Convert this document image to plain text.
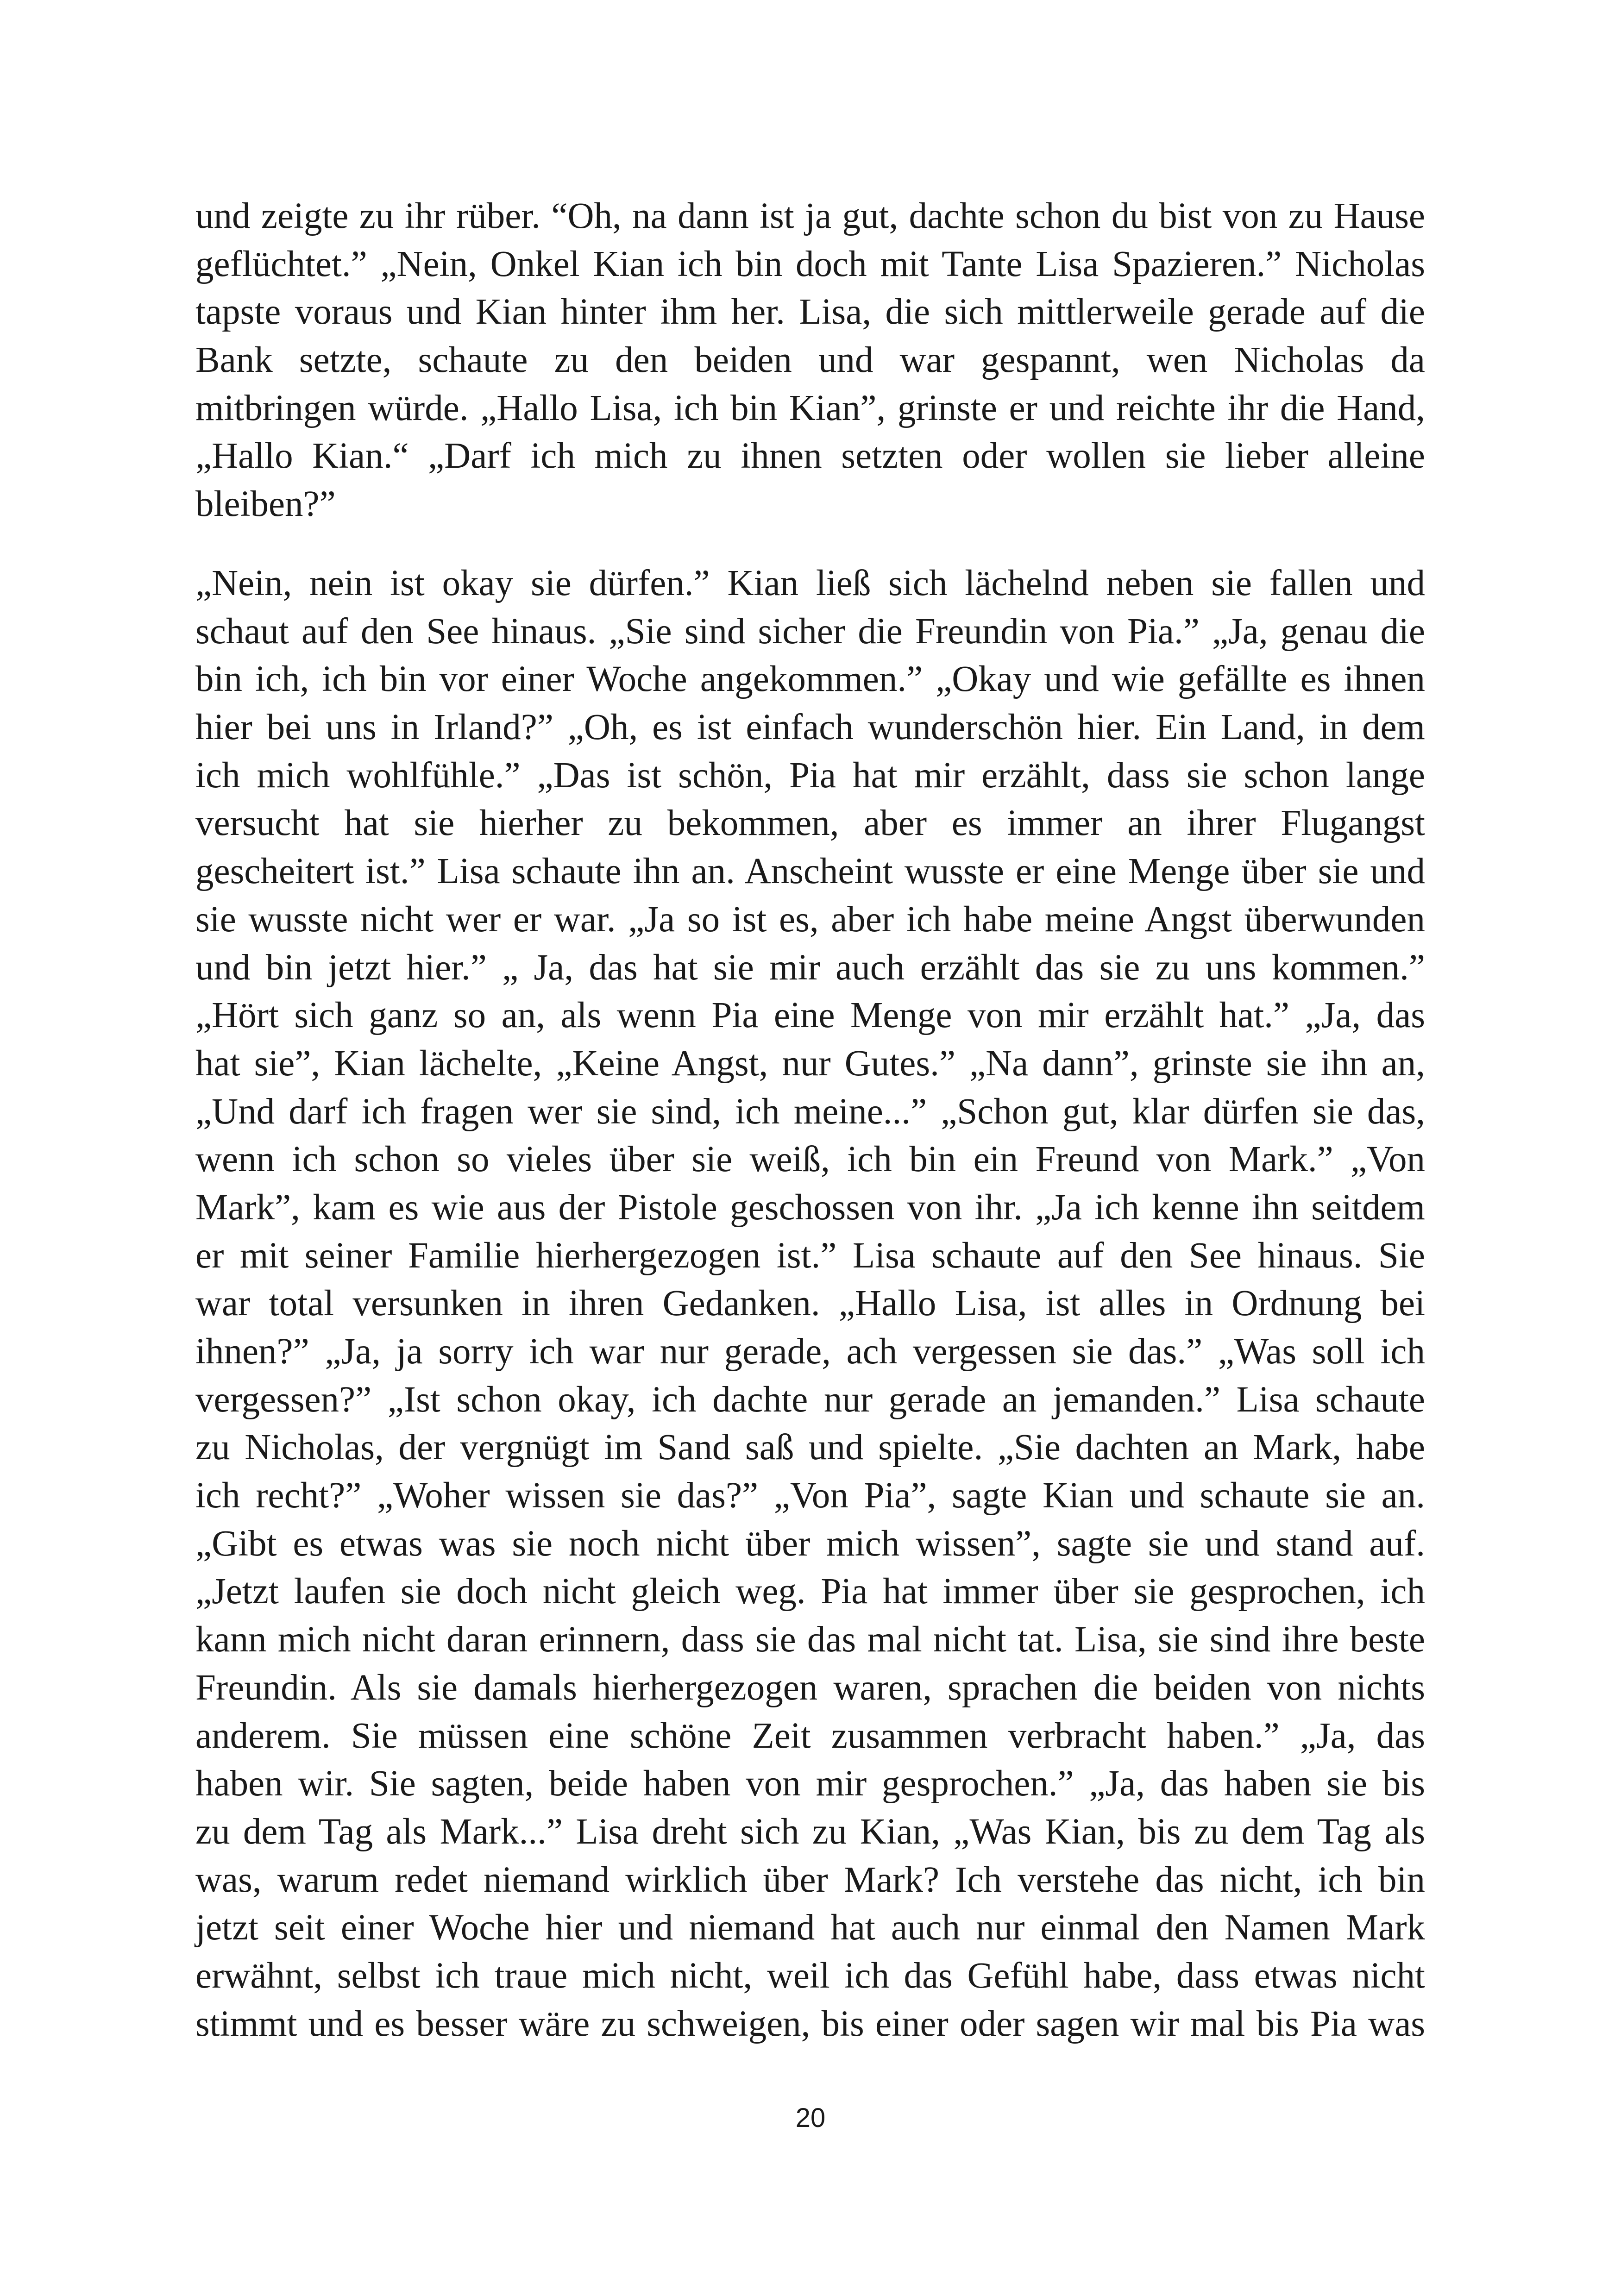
und zeigte zu ihr rüber. “Oh, na dann ist ja gut, dachte schon du bist von zu Hause
geflüchtet.” „Nein, Onkel Kian ich bin doch mit Tante Lisa Spazieren.” Nicholas
tapste voraus und Kian hinter ihm her. Lisa, die sich mittlerweile gerade auf die
Bank setzte, schaute zu den beiden und war gespannt, wen Nicholas da
mitbringen würde. „Hallo Lisa, ich bin Kian”, grinste er und reichte ihr die Hand,
„Hallo Kian.“ „Darf ich mich zu ihnen setzten oder wollen sie lieber alleine
bleiben?”
„Nein, nein ist okay sie dürfen.” Kian ließ sich lächelnd neben sie fallen und
schaut auf den See hinaus. „Sie sind sicher die Freundin von Pia.” „Ja, genau die
bin ich, ich bin vor einer Woche angekommen.” „Okay und wie gefällte es ihnen
hier bei uns in Irland?” „Oh, es ist einfach wunderschön hier. Ein Land, in dem
ich mich wohlfühle.” „Das ist schön, Pia hat mir erzählt, dass sie schon lange
versucht hat sie hierher zu bekommen, aber es immer an ihrer Flugangst
gescheitert ist.” Lisa schaute ihn an. Anscheint wusste er eine Menge über sie und
sie wusste nicht wer er war. „Ja so ist es, aber ich habe meine Angst überwunden
und bin jetzt hier.” „ Ja, das hat sie mir auch erzählt das sie zu uns kommen.”
„Hört sich ganz so an, als wenn Pia eine Menge von mir erzählt hat.” „Ja, das
hat sie”, Kian lächelte, „Keine Angst, nur Gutes.” „Na dann”, grinste sie ihn an,
„Und darf ich fragen wer sie sind, ich meine...” „Schon gut, klar dürfen sie das,
wenn ich schon so vieles über sie weiß, ich bin ein Freund von Mark.” „Von
Mark”, kam es wie aus der Pistole geschossen von ihr. „Ja ich kenne ihn seitdem
er mit seiner Familie hierhergezogen ist.” Lisa schaute auf den See hinaus. Sie
war total versunken in ihren Gedanken. „Hallo Lisa, ist alles in Ordnung bei
ihnen?” „Ja, ja sorry ich war nur gerade, ach vergessen sie das.” „Was soll ich
vergessen?” „Ist schon okay, ich dachte nur gerade an jemanden.” Lisa schaute
zu Nicholas, der vergnügt im Sand saß und spielte. „Sie dachten an Mark, habe
ich recht?” „Woher wissen sie das?” „Von Pia”, sagte Kian und schaute sie an.
„Gibt es etwas was sie noch nicht über mich wissen”, sagte sie und stand auf.
„Jetzt laufen sie doch nicht gleich weg. Pia hat immer über sie gesprochen, ich
kann mich nicht daran erinnern, dass sie das mal nicht tat. Lisa, sie sind ihre beste
Freundin. Als sie damals hierhergezogen waren, sprachen die beiden von nichts
anderem. Sie müssen eine schöne Zeit zusammen verbracht haben.” „Ja, das
haben wir. Sie sagten, beide haben von mir gesprochen.” „Ja, das haben sie bis
zu dem Tag als Mark...” Lisa dreht sich zu Kian, „Was Kian, bis zu dem Tag als
was, warum redet niemand wirklich über Mark? Ich verstehe das nicht, ich bin
jetzt seit einer Woche hier und niemand hat auch nur einmal den Namen Mark
erwähnt, selbst ich traue mich nicht, weil ich das Gefühl habe, dass etwas nicht
stimmt und es besser wäre zu schweigen, bis einer oder sagen wir mal bis Pia was
20
